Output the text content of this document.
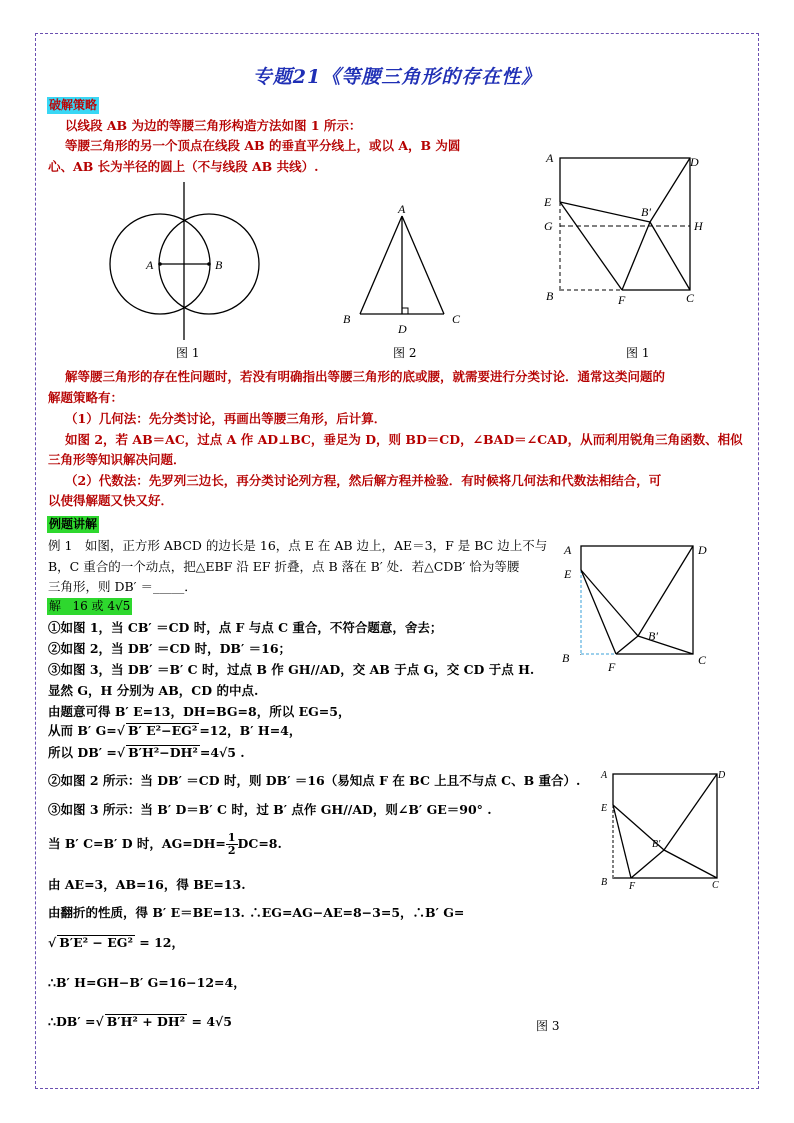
专题21《等腰三角形的存在性》
破解策略
以线段 AB 为边的等腰三角形构造方法如图 1 所示：
等腰三角形的另一个顶点在线段 AB 的垂直平分线上，或以 A，B 为圆
心、AB 长为半径的圆上（不与线段 AB 共线）.
A	B
A
B	C
D
A	D
E
G
B′
H
B	F	C
图 1	图 2	图 1
解等腰三角形的存在性问题时，若没有明确指出等腰三角形的底或腰，就需要进行分类讨论．通常这类问题的
解题策略有：
（1）几何法：先分类讨论，再画出等腰三角形，后计算．
如图 2，若 AB＝AC，过点 A 作 AD⊥BC，垂足为 D，则 BD＝CD，∠BAD＝∠CAD，从而利用锐角三角函数、相似
三角形等知识解决问题．
（2）代数法：先罗列三边长，再分类讨论列方程，然后解方程并检验．有时候将几何法和代数法相结合，可
以使得解题又快又好．
例题讲解
例 1　如图，正方形 ABCD 的边长是 16，点 E 在 AB 边上，AE＝3，F 是 BC 边上不与
B，C 重合的一个动点，把△EBF 沿 EF 折叠，点 B 落在 B′ 处．若△CDB′ 恰为等腰
三角形，则 DB′ ＝_____．
解 16 或 4√5
A	D
E
B′
B
F	C
①如图 1，当 CB′ ＝CD 时，点 F 与点 C 重合，不符合题意，舍去；
②如图 2，当 DB′ ＝CD 时，DB′ ＝16；
③如图 3，当 DB′ ＝B′ C 时，过点 B 作 GH//AD，交 AB 于点 G，交 CD 于点 H.
显然 G，H 分别为 AB，CD 的中点.
由题意可得 B′ E=13，DH=BG=8，所以 EG=5，
从而 B′ G=√ B′ E²−EG² =12，B′ H=4，
所以 DB′ =√ B′H²−DH² =4√5 .
②如图 2 所示：当 DB′ ＝CD 时，则 DB′ ＝16（易知点 F 在 BC 上且不与点 C、B 重合）.
③如图 3 所示：当 B′ D＝B′ C 时，过 B′ 点作 GH//AD，则∠B′ GE＝90° .
当 B′ C=B′ D 时，$AG=DH= \frac{1}{2} DC=8$.
由 AE=3，AB=16，得 BE=13.
由翻折的性质，得 B′ E＝BE=13. ∴EG=AG−AE=8−3=5，∴B′ G=
√ B′E² − EG² = 12，
∴B′ H=GH−B′ G=16−12=4，
∴DB′ =√ B′H² + DH² = 4√5
A	D
E
B′
B F	C
图 3
